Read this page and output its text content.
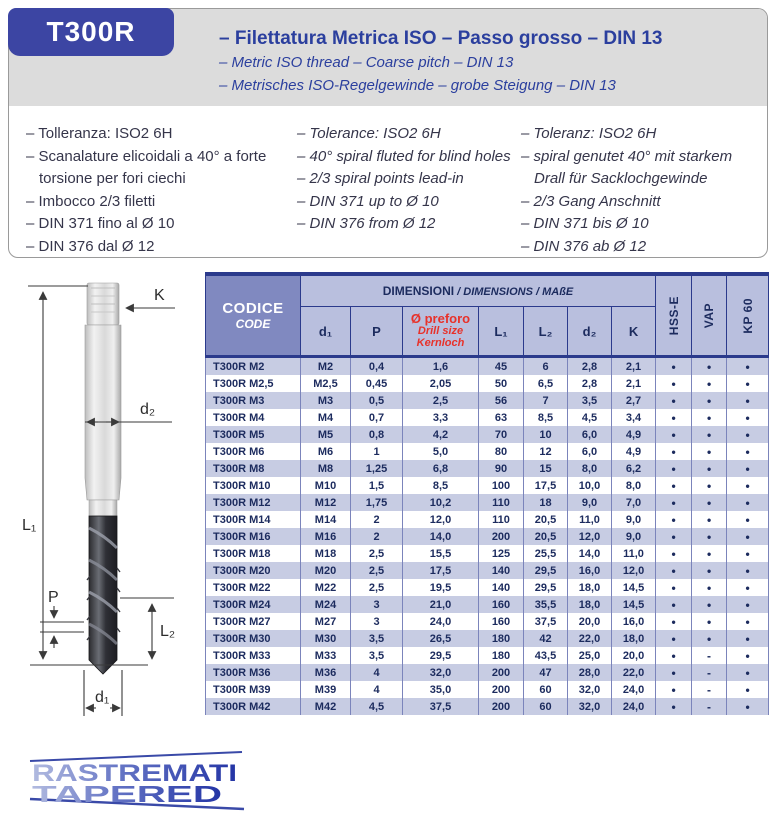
– Filettatura Metrica ISO – Passo grosso – DIN 13
– Metric ISO thread – Coarse pitch – DIN 13
– Metrisches ISO-Regelgewinde – grobe Steigung – DIN 13
– Tolleranza: ISO2 6H
– Scanalature elicoidali a 40° a forte torsione per fori ciechi
– Imbocco 2/3 filetti
– DIN 371 fino al Ø 10
– DIN 376 dal Ø 12
– Tolerance: ISO2 6H
– 40° spiral fluted for blind holes
– 2/3 spiral points lead-in
– DIN 371 up to Ø 10
– DIN 376 from Ø 12
– Toleranz: ISO2 6H
– spiral genutet 40° mit starkem Drall für Sacklochgewinde
– 2/3 Gang Anschnitt
– DIN 371 bis Ø 10
– DIN 376 ab Ø 12
T300R
K
d₂
L₁
P
L₂
d₁
CODICE
CODE	DIMENSIONI / DIMENSIONS / MAßE							HSS-E	VAP	KP 60

	d₁	P	Ø preforo
Drill size
Kernloch	L₁	L₂	d₂	K			
T300R M2	M2	0,4	1,6	45	6	2,8	2,1	•	•	•
T300R M2,5	M2,5	0,45	2,05	50	6,5	2,8	2,1	•	•	•
T300R M3	M3	0,5	2,5	56	7	3,5	2,7	•	•	•
T300R M4	M4	0,7	3,3	63	8,5	4,5	3,4	•	•	•
T300R M5	M5	0,8	4,2	70	10	6,0	4,9	•	•	•
T300R M6	M6	1	5,0	80	12	6,0	4,9	•	•	•
T300R M8	M8	1,25	6,8	90	15	8,0	6,2	•	•	•
T300R M10	M10	1,5	8,5	100	17,5	10,0	8,0	•	•	•
T300R M12	M12	1,75	10,2	110	18	9,0	7,0	•	•	•
T300R M14	M14	2	12,0	110	20,5	11,0	9,0	•	•	•
T300R M16	M16	2	14,0	200	20,5	12,0	9,0	•	•	•
T300R M18	M18	2,5	15,5	125	25,5	14,0	11,0	•	•	•
T300R M20	M20	2,5	17,5	140	29,5	16,0	12,0	•	•	•
T300R M22	M22	2,5	19,5	140	29,5	18,0	14,5	•	•	•
T300R M24	M24	3	21,0	160	35,5	18,0	14,5	•	•	•
T300R M27	M27	3	24,0	160	37,5	20,0	16,0	•	•	•
T300R M30	M30	3,5	26,5	180	42	22,0	18,0	•	•	•
T300R M33	M33	3,5	29,5	180	43,5	25,0	20,0	•	-	•
T300R M36	M36	4	32,0	200	47	28,0	22,0	•	-	•
T300R M39	M39	4	35,0	200	60	32,0	24,0	•	-	•
T300R M42	M42	4,5	37,5	200	60	32,0	24,0	•	-	•
RASTREMATI
TAPERED
